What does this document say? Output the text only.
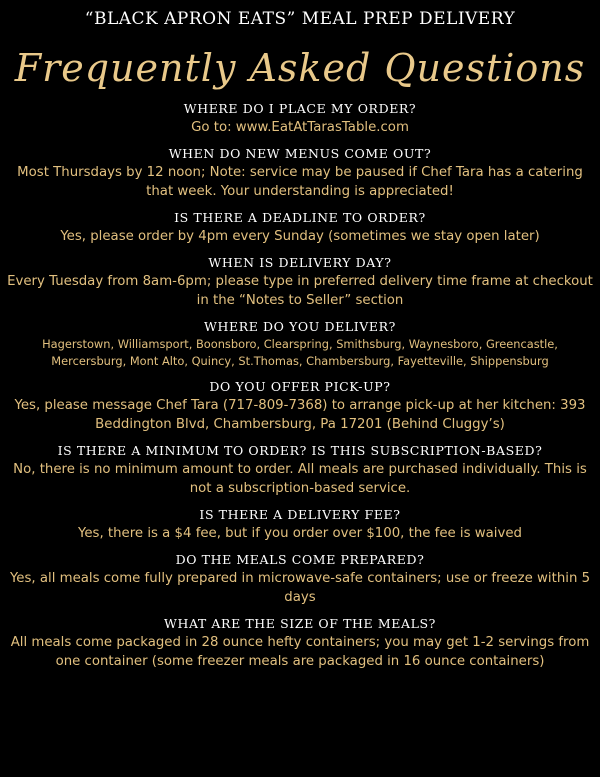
“BLACK APRON EATS” MEAL PREP DELIVERY
Frequently Asked Questions
WHERE DO I PLACE MY ORDER?
Go to: www.EatAtTarasTable.com
WHEN DO NEW MENUS COME OUT?
Most Thursdays by 12 noon; Note: service may be paused if Chef Tara has a catering that week. Your understanding is appreciated!
IS THERE A DEADLINE TO ORDER?
Yes, please order by 4pm every Sunday (sometimes we stay open later)
WHEN IS DELIVERY DAY?
Every Tuesday from 8am-6pm; please type in preferred delivery time frame at checkout in the “Notes to Seller” section
WHERE DO YOU DELIVER?
Hagerstown, Williamsport, Boonsboro, Clearspring, Smithsburg, Waynesboro, Greencastle, Mercersburg, Mont Alto, Quincy, St.Thomas, Chambersburg, Fayetteville, Shippensburg
DO YOU OFFER PICK-UP?
Yes, please message Chef Tara (717-809-7368) to arrange pick-up at her kitchen: 393 Beddington Blvd, Chambersburg, Pa 17201 (Behind Cluggy’s)
IS THERE A MINIMUM TO ORDER? IS THIS SUBSCRIPTION-BASED?
No, there is no minimum amount to order. All meals are purchased individually. This is not a subscription-based service.
IS THERE A DELIVERY FEE?
Yes, there is a $4 fee, but if you order over $100, the fee is waived
DO THE MEALS COME PREPARED?
Yes, all meals come fully prepared in microwave-safe containers; use or freeze within 5 days
WHAT ARE THE SIZE OF THE MEALS?
All meals come packaged in 28 ounce hefty containers; you may get 1-2 servings from one container (some freezer meals are packaged in 16 ounce containers)
